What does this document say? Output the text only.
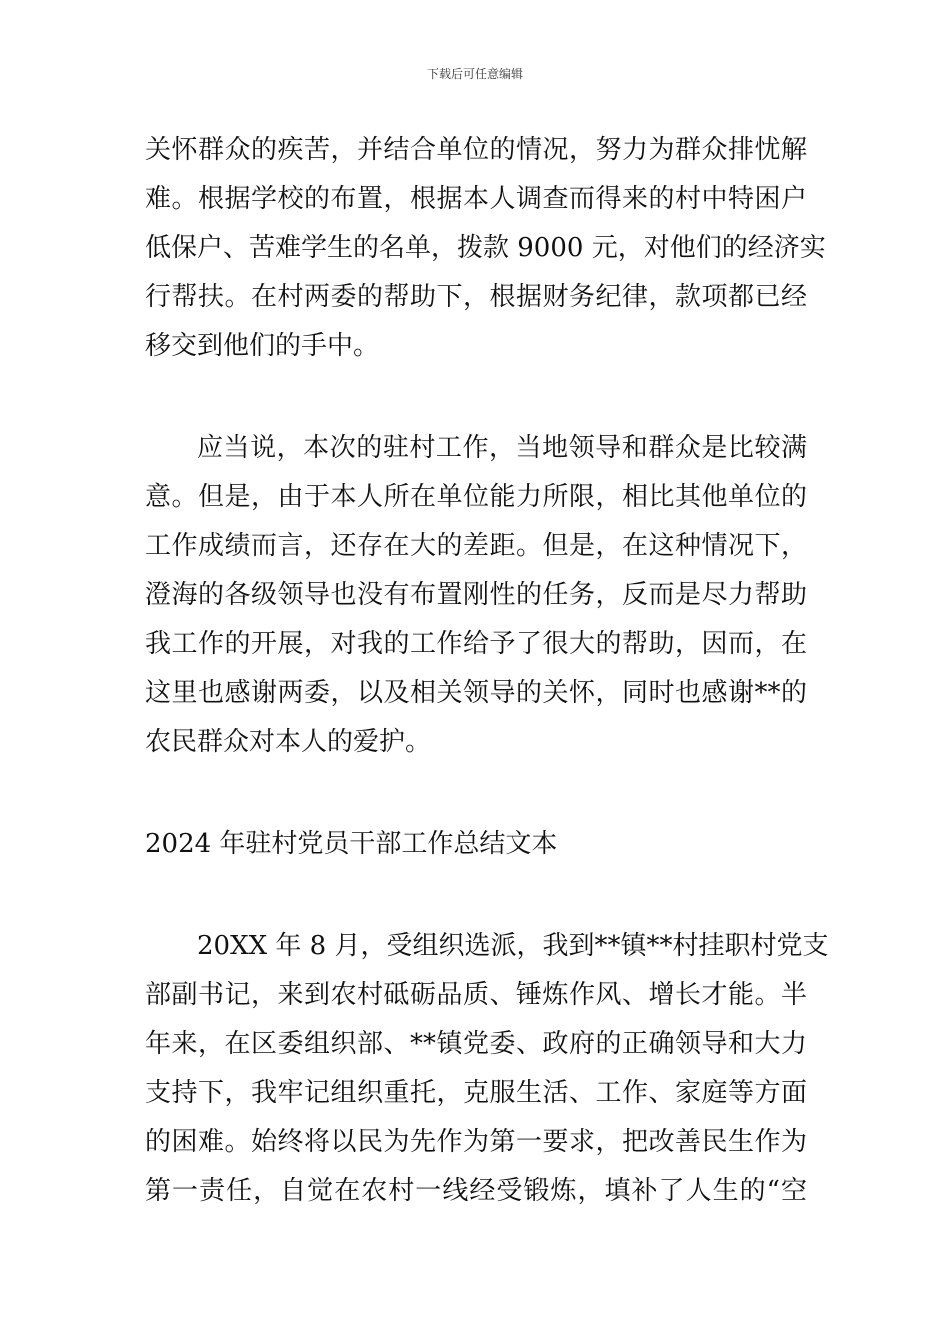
下载后可任意编辑
关怀群众的疾苦，并结合单位的情况，努力为群众排忧解
难。根据学校的布置，根据本人调查而得来的村中特困户
低保户、苦难学生的名单，拨款 9000 元，对他们的经济实
行帮扶。在村两委的帮助下，根据财务纪律，款项都已经
移交到他们的手中。
应当说，本次的驻村工作，当地领导和群众是比较满
意。但是，由于本人所在单位能力所限，相比其他单位的
工作成绩而言，还存在大的差距。但是，在这种情况下，
澄海的各级领导也没有布置刚性的任务，反而是尽力帮助
我工作的开展，对我的工作给予了很大的帮助，因而，在
这里也感谢两委，以及相关领导的关怀，同时也感谢**的
农民群众对本人的爱护。
2024 年驻村党员干部工作总结文本
20XX 年 8 月，受组织选派，我到**镇**村挂职村党支
部副书记，来到农村砥砺品质、锤炼作风、增长才能。半
年来，在区委组织部、**镇党委、政府的正确领导和大力
支持下，我牢记组织重托，克服生活、工作、家庭等方面
的困难。始终将以民为先作为第一要求，把改善民生作为
第一责任，自觉在农村一线经受锻炼，填补了人生的“空
